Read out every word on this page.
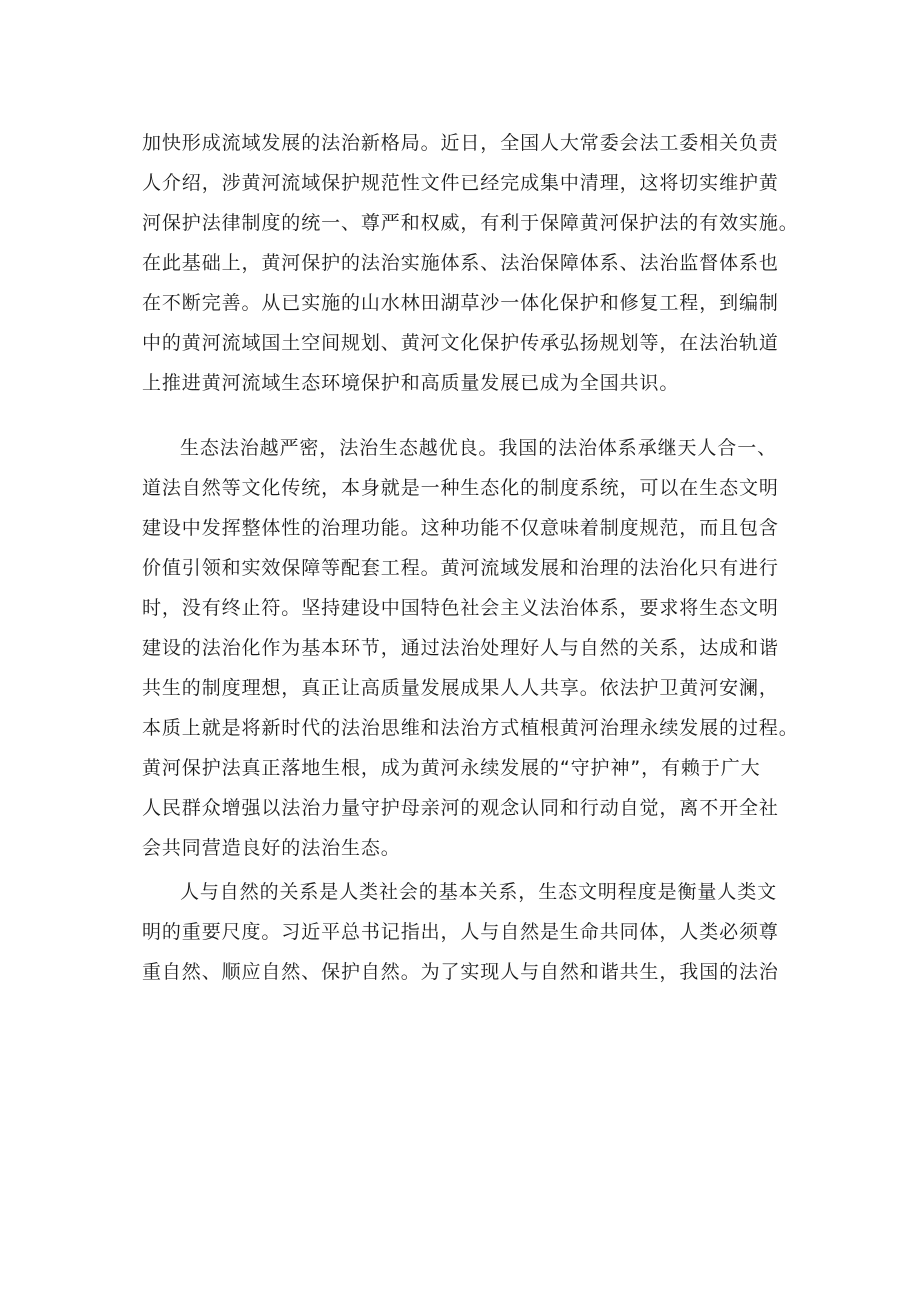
加快形成流域发展的法治新格局。近日，全国人大常委会法工委相关负责
人介绍，涉黄河流域保护规范性文件已经完成集中清理，这将切实维护黄
河保护法律制度的统一、尊严和权威，有利于保障黄河保护法的有效实施。
在此基础上，黄河保护的法治实施体系、法治保障体系、法治监督体系也
在不断完善。从已实施的山水林田湖草沙一体化保护和修复工程，到编制
中的黄河流域国土空间规划、黄河文化保护传承弘扬规划等，在法治轨道
上推进黄河流域生态环境保护和高质量发展已成为全国共识。
生态法治越严密，法治生态越优良。我国的法治体系承继天人合一、
道法自然等文化传统，本身就是一种生态化的制度系统，可以在生态文明
建设中发挥整体性的治理功能。这种功能不仅意味着制度规范，而且包含
价值引领和实效保障等配套工程。黄河流域发展和治理的法治化只有进行
时，没有终止符。坚持建设中国特色社会主义法治体系，要求将生态文明
建设的法治化作为基本环节，通过法治处理好人与自然的关系，达成和谐
共生的制度理想，真正让高质量发展成果人人共享。依法护卫黄河安澜，
本质上就是将新时代的法治思维和法治方式植根黄河治理永续发展的过程。
黄河保护法真正落地生根，成为黄河永续发展的“守护神”，有赖于广大
人民群众增强以法治力量守护母亲河的观念认同和行动自觉，离不开全社
会共同营造良好的法治生态。
人与自然的关系是人类社会的基本关系，生态文明程度是衡量人类文
明的重要尺度。习近平总书记指出，人与自然是生命共同体，人类必须尊
重自然、顺应自然、保护自然。为了实现人与自然和谐共生，我国的法治
